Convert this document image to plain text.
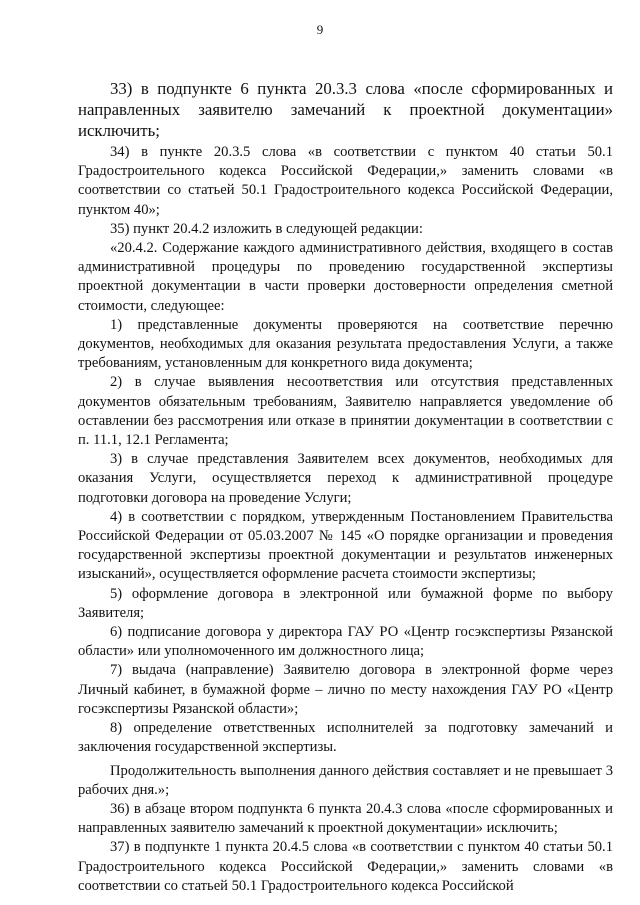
9

33) в подпункте 6 пункта 20.3.3 слова «после сформированных и направленных заявителю замечаний к проектной документации» исключить;

34) в пункте 20.3.5 слова «в соответствии с пунктом 40 статьи 50.1 Градостроительного кодекса Российской Федерации,» заменить словами «в соответствии со статьей 50.1 Градостроительного кодекса Российской Федерации, пунктом 40»;

35) пункт 20.4.2 изложить в следующей редакции:

«20.4.2. Содержание каждого административного действия, входящего в состав административной процедуры по проведению государственной экспертизы проектной документации в части проверки достоверности определения сметной стоимости, следующее:

1) представленные документы проверяются на соответствие перечню документов, необходимых для оказания результата предоставления Услуги, а также требованиям, установленным для конкретного вида документа;

2) в случае выявления несоответствия или отсутствия представленных документов обязательным требованиям, Заявителю направляется уведомление об оставлении без рассмотрения или отказе в принятии документации в соответствии с п. 11.1, 12.1 Регламента;

3) в случае представления Заявителем всех документов, необходимых для оказания Услуги, осуществляется переход к административной процедуре подготовки договора на проведение Услуги;

4) в соответствии с порядком, утвержденным Постановлением Правительства Российской Федерации от 05.03.2007 № 145 «О порядке организации и проведения государственной экспертизы проектной документации и результатов инженерных изысканий», осуществляется оформление расчета стоимости экспертизы;

5) оформление договора в электронной или бумажной форме по выбору Заявителя;

6) подписание договора у директора ГАУ РО «Центр госэкспертизы Рязанской области» или уполномоченного им должностного лица;

7) выдача (направление) Заявителю договора в электронной форме через Личный кабинет, в бумажной форме – лично по месту нахождения ГАУ РО «Центр госэкспертизы Рязанской области»;

8) определение ответственных исполнителей за подготовку замечаний и заключения государственной экспертизы.

Продолжительность выполнения данного действия составляет и не превышает 3 рабочих дня.»;

36) в абзаце втором подпункта 6 пункта 20.4.3 слова «после сформированных и направленных заявителю замечаний к проектной документации» исключить;

37) в подпункте 1 пункта 20.4.5 слова «в соответствии с пунктом 40 статьи 50.1 Градостроительного кодекса Российской Федерации,» заменить словами «в соответствии со статьей 50.1 Градостроительного кодекса Российской
